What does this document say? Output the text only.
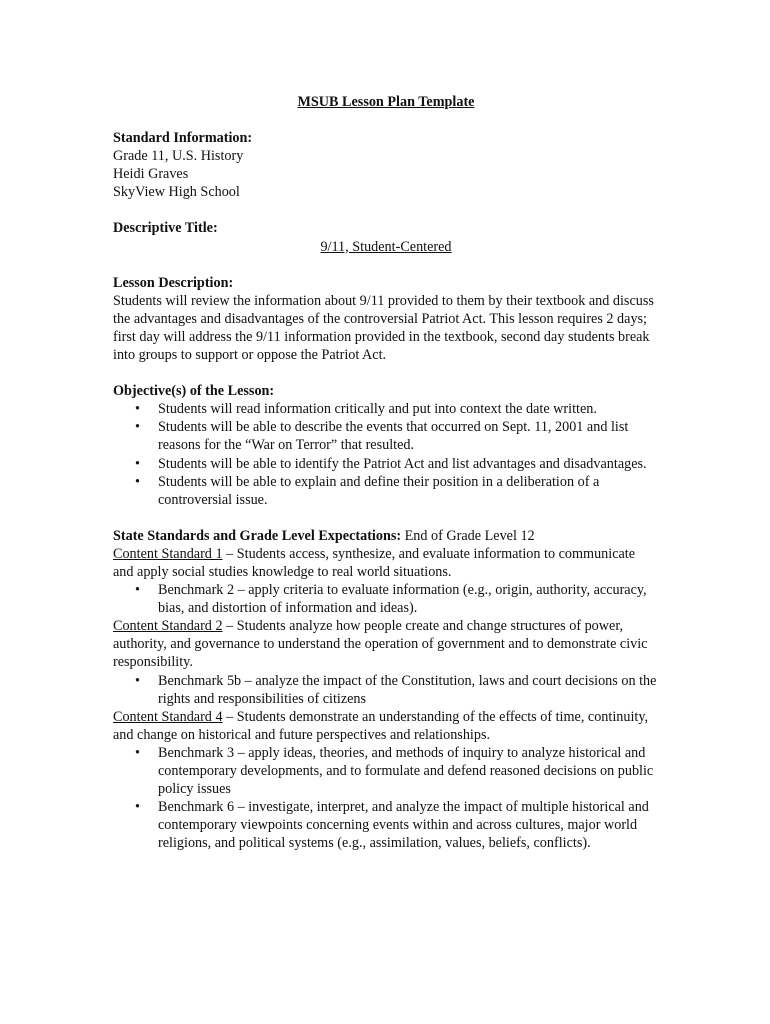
MSUB Lesson Plan Template

Standard Information:

Grade 11, U.S. History

Heidi Graves

SkyView High School

Descriptive Title:

9/11, Student-Centered

Lesson Description:

Students will review the information about 9/11 provided to them by their textbook and discuss the advantages and disadvantages of the controversial Patriot Act. This lesson requires 2 days; first day will address the 9/11 information provided in the textbook, second day students break into groups to support or oppose the Patriot Act.

Objective(s) of the Lesson:

• Students will read information critically and put into context the date written.
• Students will be able to describe the events that occurred on Sept. 11, 2001 and list reasons for the “War on Terror” that resulted.
• Students will be able to identify the Patriot Act and list advantages and disadvantages.
• Students will be able to explain and define their position in a deliberation of a controversial issue.

State Standards and Grade Level Expectations: End of Grade Level 12

Content Standard 1 – Students access, synthesize, and evaluate information to communicate and apply social studies knowledge to real world situations.

• Benchmark 2 – apply criteria to evaluate information (e.g., origin, authority, accuracy, bias, and distortion of information and ideas).

Content Standard 2 – Students analyze how people create and change structures of power, authority, and governance to understand the operation of government and to demonstrate civic responsibility.

• Benchmark 5b – analyze the impact of the Constitution, laws and court decisions on the rights and responsibilities of citizens

Content Standard 4 – Students demonstrate an understanding of the effects of time, continuity, and change on historical and future perspectives and relationships.

• Benchmark 3 – apply ideas, theories, and methods of inquiry to analyze historical and contemporary developments, and to formulate and defend reasoned decisions on public policy issues
• Benchmark 6 – investigate, interpret, and analyze the impact of multiple historical and contemporary viewpoints concerning events within and across cultures, major world religions, and political systems (e.g., assimilation, values, beliefs, conflicts).
